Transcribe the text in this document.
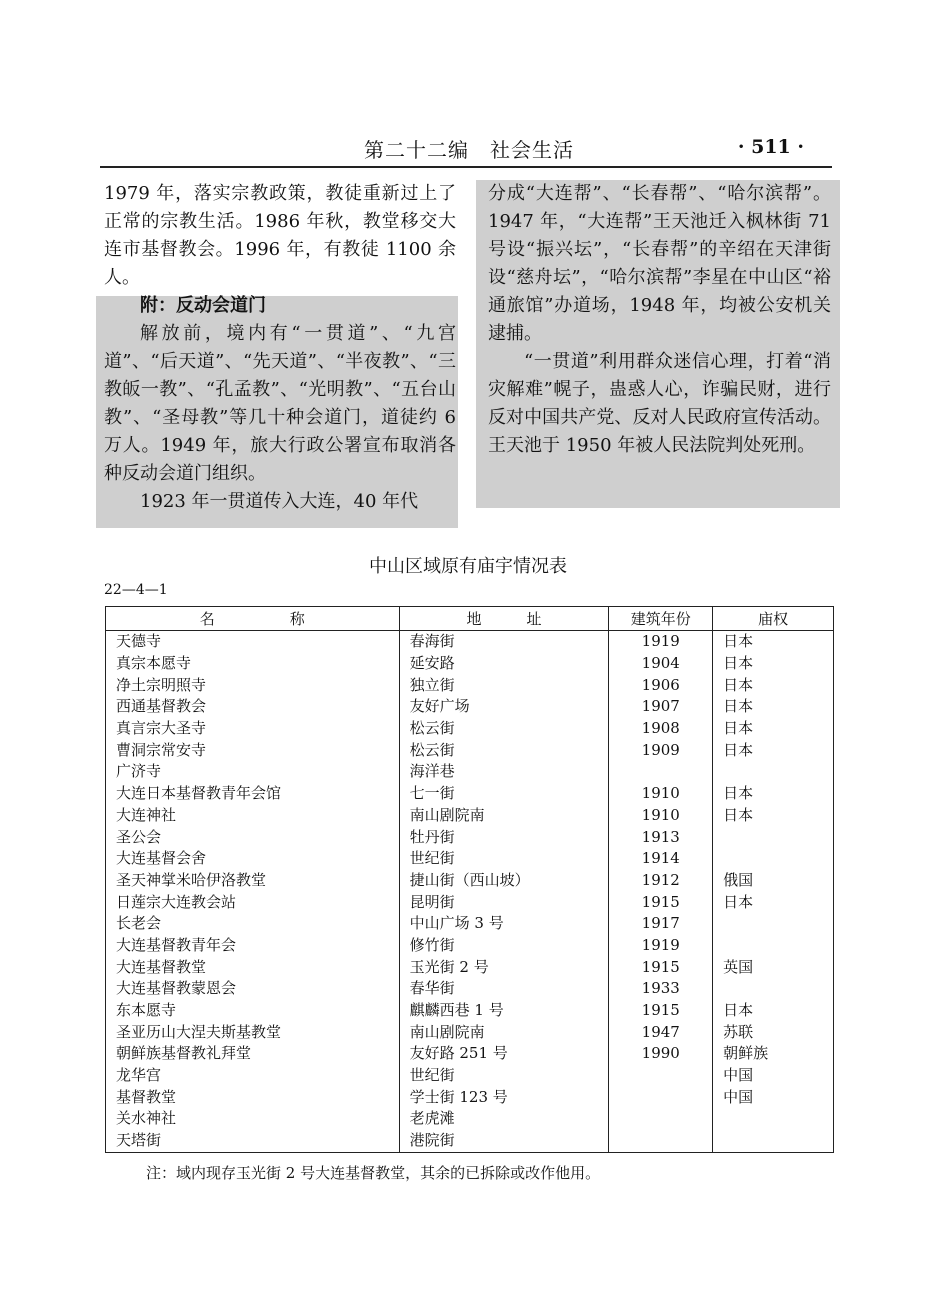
第二十二编　社会生活	· 511 ·

1979 年，落实宗教政策，教徒重新过上了正常的宗教生活。1986 年秋，教堂移交大连市基督教会。1996 年，有教徒 1100 余人。

附：反动会道门

解放前，境内有“一贯道”、“九宫道”、“后天道”、“先天道”、“半夜教”、“三教皈一教”、“孔孟教”、“光明教”、“五台山教”、“圣母教”等几十种会道门，道徒约 6 万人。1949 年，旅大行政公署宣布取消各种反动会道门组织。

1923 年一贯道传入大连，40 年代

分成“大连帮”、“长春帮”、“哈尔滨帮”。1947 年，“大连帮”王天池迁入枫林街 71 号设“振兴坛”，“长春帮”的辛绍在天津街设“慈舟坛”，“哈尔滨帮”李星在中山区“裕通旅馆”办道场，1948 年，均被公安机关逮捕。

“一贯道”利用群众迷信心理，打着“消灾解难”幌子，蛊惑人心，诈骗民财，进行反对中国共产党、反对人民政府宣传活动。王天池于 1950 年被人民法院判处死刑。

中山区域原有庙宇情况表
22—4—1
名　　　　　称	地　　　址	建筑年份	庙权
天德寺	春海街	1919	日本
真宗本愿寺	延安路	1904	日本
净土宗明照寺	独立街	1906	日本
西通基督教会	友好广场	1907	日本
真言宗大圣寺	松云街	1908	日本
曹洞宗常安寺	松云街	1909	日本
广济寺	海洋巷		
大连日本基督教青年会馆	七一街	1910	日本
大连神社	南山剧院南	1910	日本
圣公会	牡丹街	1913	
大连基督会舍	世纪街	1914	
圣天神掌米哈伊洛教堂	捷山街（西山坡）	1912	俄国
日莲宗大连教会站	昆明街	1915	日本
长老会	中山广场 3 号	1917	
大连基督教青年会	修竹街	1919	
大连基督教堂	玉光街 2 号	1915	英国
大连基督教蒙恩会	春华街	1933	
东本愿寺	麒麟西巷 1 号	1915	日本
圣亚历山大涅夫斯基教堂	南山剧院南	1947	苏联
朝鲜族基督教礼拜堂	友好路 251 号	1990	朝鲜族
龙华宫	世纪街		中国
基督教堂	学士街 123 号		中国
关水神社	老虎滩		
天塔街	港院街		
注：域内现存玉光街 2 号大连基督教堂，其余的已拆除或改作他用。
